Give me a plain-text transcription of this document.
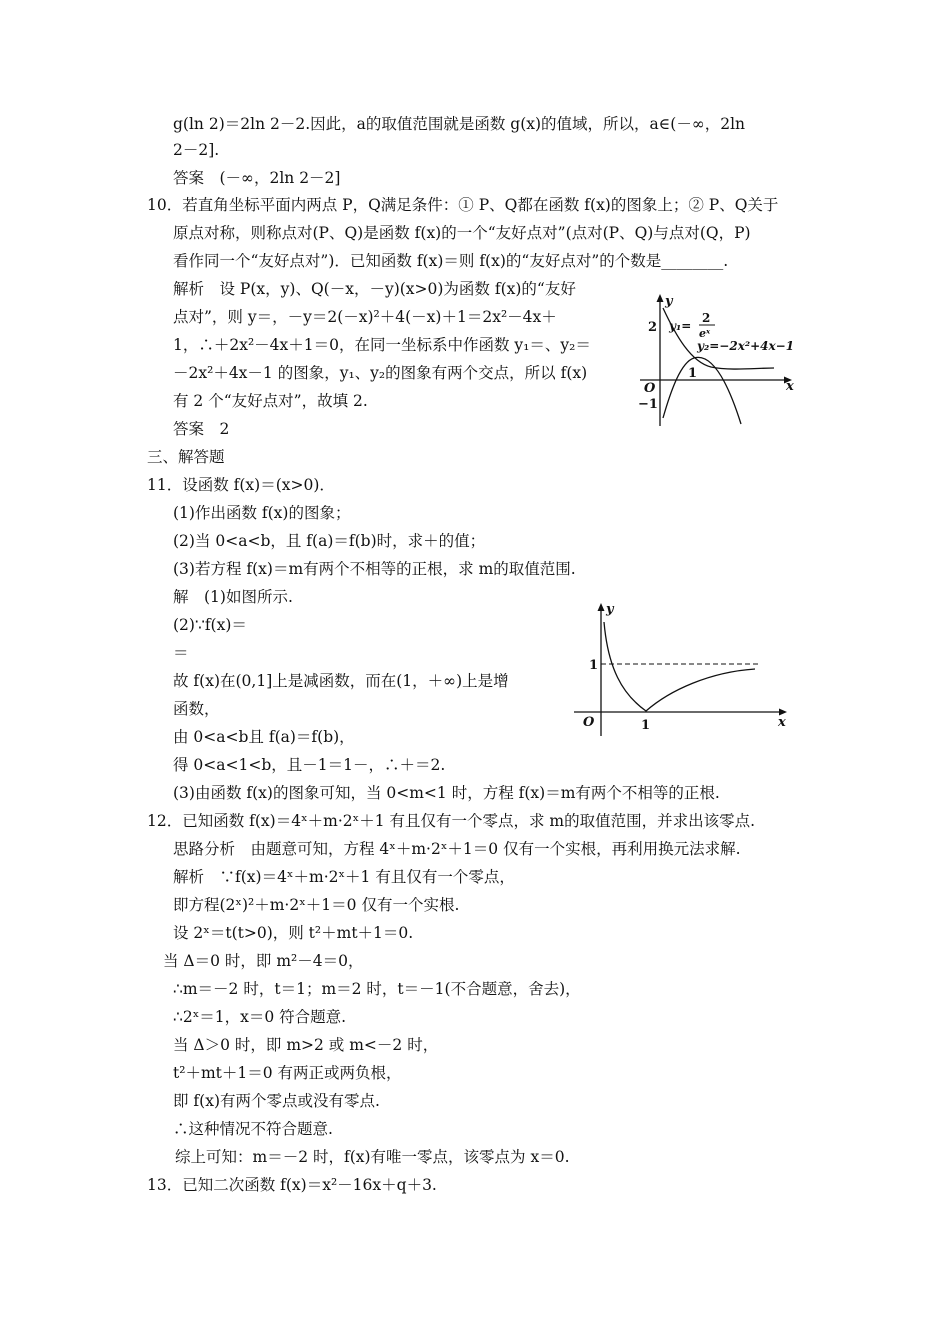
g(ln 2)＝2ln 2－2.因此，a的取值范围就是函数 g(x)的值域，所以，a∈(－∞，2ln
2－2].
答案　(－∞，2ln 2－2]
10．若直角坐标平面内两点 P，Q满足条件：① P、Q都在函数 f(x)的图象上；② P、Q关于
原点对称，则称点对(P、Q)是函数 f(x)的一个“友好点对”(点对(P、Q)与点对(Q，P)
看作同一个“友好点对”)．已知函数 f(x)＝则 f(x)的“友好点对”的个数是________.
解析　设 P(x，y)、Q(－x，－y)(x>0)为函数 f(x)的“友好
点对”，则 y＝，－y＝2(－x)²＋4(－x)＋1＝2x²－4x＋
1，∴＋2x²－4x＋1＝0，在同一坐标系中作函数 y₁＝、y₂＝
－2x²＋4x－1 的图象，y₁、y₂的图象有两个交点，所以 f(x)
有 2 个“友好点对”，故填 2.
答案　2
三、解答题
11．设函数 f(x)＝(x>0)．
(1)作出函数 f(x)的图象；
(2)当 0<a<b，且 f(a)＝f(b)时，求＋的值；
(3)若方程 f(x)＝m有两个不相等的正根，求 m的取值范围.
解　(1)如图所示.
(2)∵f(x)＝
＝
故 f(x)在(0,1]上是减函数，而在(1，＋∞)上是增
函数，
由 0<a<b且 f(a)＝f(b)，
得 0<a<1<b，且－1＝1－，∴＋＝2.
(3)由函数 f(x)的图象可知，当 0<m<1 时，方程 f(x)＝m有两个不相等的正根.
12．已知函数 f(x)＝4ˣ＋m·2ˣ＋1 有且仅有一个零点，求 m的取值范围，并求出该零点.
思路分析　由题意可知，方程 4ˣ＋m·2ˣ＋1＝0 仅有一个实根，再利用换元法求解.
解析　∵f(x)＝4ˣ＋m·2ˣ＋1 有且仅有一个零点，
即方程(2ˣ)²＋m·2ˣ＋1＝0 仅有一个实根.
设 2ˣ＝t(t>0)，则 t²＋mt＋1＝0.
当 Δ＝0 时，即 m²－4＝0，
∴m＝－2 时，t＝1；m＝2 时，t＝－1(不合题意，舍去)，
∴2ˣ＝1，x＝0 符合题意.
当 Δ＞0 时，即 m>2 或 m<－2 时，
t²＋mt＋1＝0 有两正或两负根，
即 f(x)有两个零点或没有零点.
∴这种情况不符合题意.
综上可知：m＝－2 时，f(x)有唯一零点，该零点为 x＝0.
13．已知二次函数 f(x)＝x²－16x＋q＋3.
y
x
O
2
−1
1
y₁=
2
eˣ
y₂=−2x²+4x−1
y
x
O
1
1
